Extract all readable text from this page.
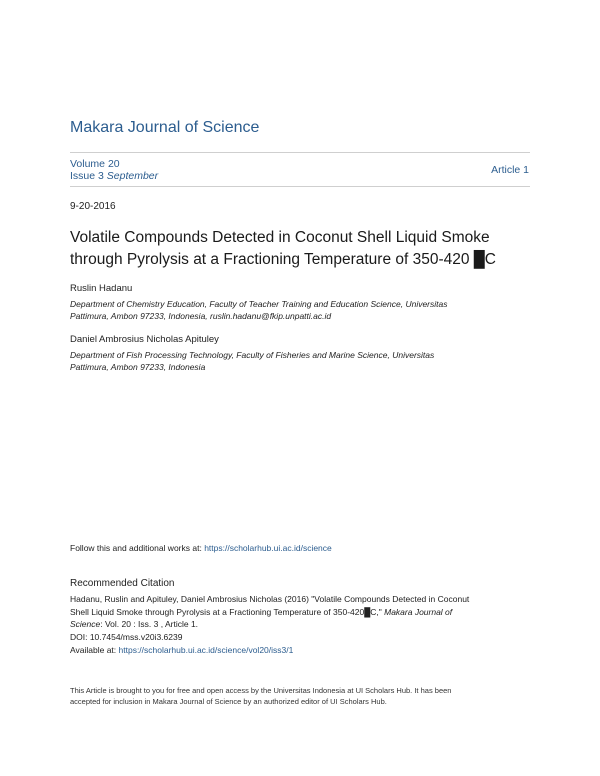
Makara Journal of Science
Volume 20
Issue 3 September	Article 1
9-20-2016
Volatile Compounds Detected in Coconut Shell Liquid Smoke
through Pyrolysis at a Fractioning Temperature of 350-420 █C
Ruslin Hadanu
Department of Chemistry Education, Faculty of Teacher Training and Education Science, Universitas
Pattimura, Ambon 97233, Indonesia, ruslin.hadanu@fkip.unpatti.ac.id
Daniel Ambrosius Nicholas Apituley
Department of Fish Processing Technology, Faculty of Fisheries and Marine Science, Universitas
Pattimura, Ambon 97233, Indonesia
Follow this and additional works at: https://scholarhub.ui.ac.id/science
Recommended Citation
Hadanu, Ruslin and Apituley, Daniel Ambrosius Nicholas (2016) "Volatile Compounds Detected in Coconut
Shell Liquid Smoke through Pyrolysis at a Fractioning Temperature of 350-420█C," Makara Journal of
Science: Vol. 20 : Iss. 3 , Article 1.
DOI: 10.7454/mss.v20i3.6239
Available at: https://scholarhub.ui.ac.id/science/vol20/iss3/1
This Article is brought to you for free and open access by the Universitas Indonesia at UI Scholars Hub. It has been
accepted for inclusion in Makara Journal of Science by an authorized editor of UI Scholars Hub.
